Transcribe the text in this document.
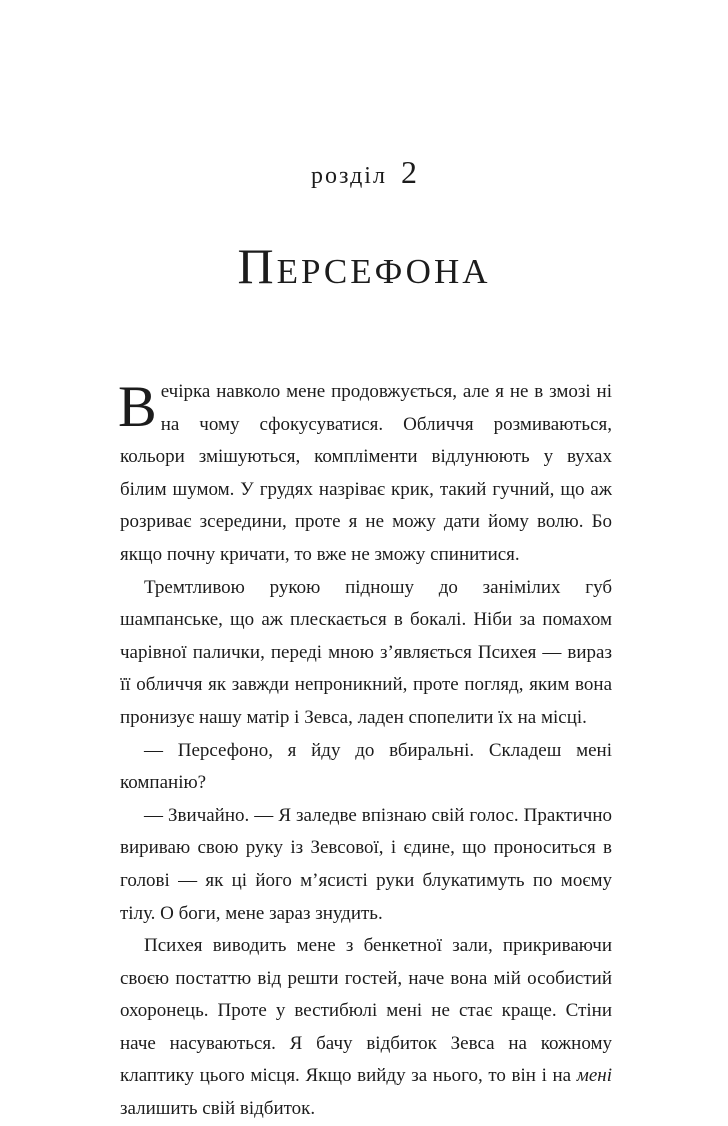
розділ 2
Персефона

Вечірка навколо мене продовжується, але я не в змозі ні на чому сфокусуватися. Обличчя розмиваються, кольори змішуються, компліменти відлунюють у вухах білим шумом. У грудях назріває крик, такий гучний, що аж розриває зсередини, проте я не можу дати йому волю. Бо якщо почну кричати, то вже не зможу спинитися.

Тремтливою рукою підношу до занімілих губ шампанське, що аж плескається в бокалі. Ніби за помахом чарівної палички, переді мною з’являється Психея — вираз її обличчя як завжди непроникний, проте погляд, яким вона пронизує нашу матір і Зевса, ладен спопелити їх на місці.

— Персефоно, я йду до вбиральні. Складеш мені компанію?

— Звичайно. — Я заледве впізнаю свій голос. Практично вириваю свою руку із Зевсової, і єдине, що проноситься в голові — як ці його м’ясисті руки блукатимуть по моєму тілу. О боги, мене зараз знудить.

Психея виводить мене з бенкетної зали, прикриваючи своєю постаттю від решти гостей, наче вона мій особистий охоронець. Проте у вестибюлі мені не стає краще. Стіни наче насуваються. Я бачу відбиток Зевса на кожному клаптику цього місця. Якщо вийду за нього, то він і на мені залишить свій відбиток.
